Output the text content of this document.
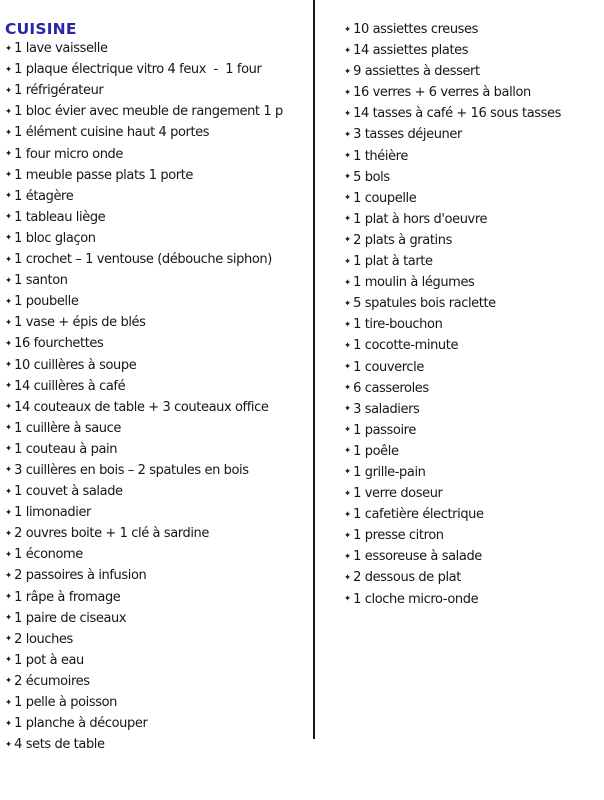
CUISINE
✦ 1 lave vaisselle
✦ 1 plaque électrique vitro 4 feux  -  1 four
✦ 1 réfrigérateur
✦ 1 bloc évier avec meuble de rangement 1 p
✦ 1 élément cuisine haut 4 portes
✦ 1 four micro onde
✦ 1 meuble passe plats 1 porte
✦ 1 étagère
✦ 1 tableau liège
✦ 1 bloc glaçon
✦ 1 crochet – 1 ventouse (débouche siphon)
✦ 1 santon
✦ 1 poubelle
✦ 1 vase + épis de blés
✦ 16 fourchettes
✦ 10 cuillères à soupe
✦ 14 cuillères à café
✦ 14 couteaux de table + 3 couteaux office
✦ 1 cuillère à sauce
✦ 1 couteau à pain
✦ 3 cuillères en bois – 2 spatules en bois
✦ 1 couvet à salade
✦ 1 limonadier
✦ 2 ouvres boite + 1 clé à sardine
✦ 1 économe
✦ 2 passoires à infusion
✦ 1 râpe à fromage
✦ 1 paire de ciseaux
✦ 2 louches
✦ 1 pot à eau
✦ 2 écumoires
✦ 1 pelle à poisson
✦ 1 planche à découper
✦ 4 sets de table
✦ 10 assiettes creuses
✦ 14 assiettes plates
✦ 9 assiettes à dessert
✦ 16 verres + 6 verres à ballon
✦ 14 tasses à café + 16 sous tasses
✦ 3 tasses déjeuner
✦ 1 théière
✦ 5 bols
✦ 1 coupelle
✦ 1 plat à hors d'oeuvre
✦ 2 plats à gratins
✦ 1 plat à tarte
✦ 1 moulin à légumes
✦ 5 spatules bois raclette
✦ 1 tire-bouchon
✦ 1 cocotte-minute
✦ 1 couvercle
✦ 6 casseroles
✦ 3 saladiers
✦ 1 passoire
✦ 1 poêle
✦ 1 grille-pain
✦ 1 verre doseur
✦ 1 cafetière électrique
✦ 1 presse citron
✦ 1 essoreuse à salade
✦ 2 dessous de plat
✦ 1 cloche micro-onde
